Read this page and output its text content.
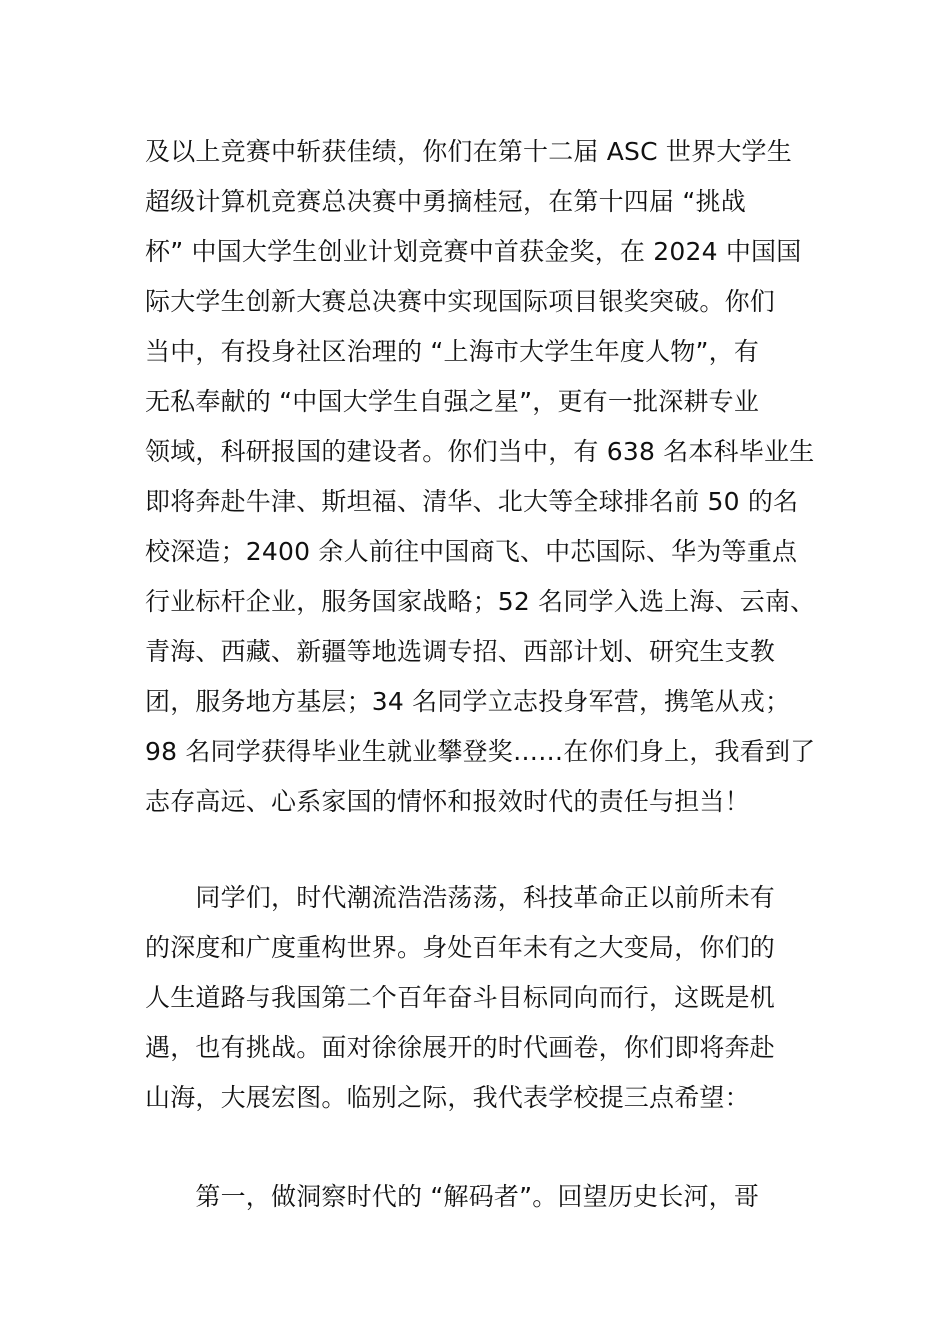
及以上竞赛中斩获佳绩，你们在第十二届 ASC 世界大学生
超级计算机竞赛总决赛中勇摘桂冠，在第十四届 “挑战
杯” 中国大学生创业计划竞赛中首获金奖，在 2024 中国国
际大学生创新大赛总决赛中实现国际项目银奖突破。你们
当中，有投身社区治理的 “上海市大学生年度人物”，有
无私奉献的 “中国大学生自强之星”，更有一批深耕专业
领域，科研报国的建设者。你们当中，有 638 名本科毕业生
即将奔赴牛津、斯坦福、清华、北大等全球排名前 50 的名
校深造；2400 余人前往中国商飞、中芯国际、华为等重点
行业标杆企业，服务国家战略；52 名同学入选上海、云南、
青海、西藏、新疆等地选调专招、西部计划、研究生支教
团，服务地方基层；34 名同学立志投身军营，携笔从戎；
98 名同学获得毕业生就业攀登奖……在你们身上，我看到了
志存高远、心系家国的情怀和报效时代的责任与担当！
　　同学们，时代潮流浩浩荡荡，科技革命正以前所未有
的深度和广度重构世界。身处百年未有之大变局，你们的
人生道路与我国第二个百年奋斗目标同向而行，这既是机
遇，也有挑战。面对徐徐展开的时代画卷，你们即将奔赴
山海，大展宏图。临别之际，我代表学校提三点希望：
　　第一，做洞察时代的 “解码者”。回望历史长河，哥
